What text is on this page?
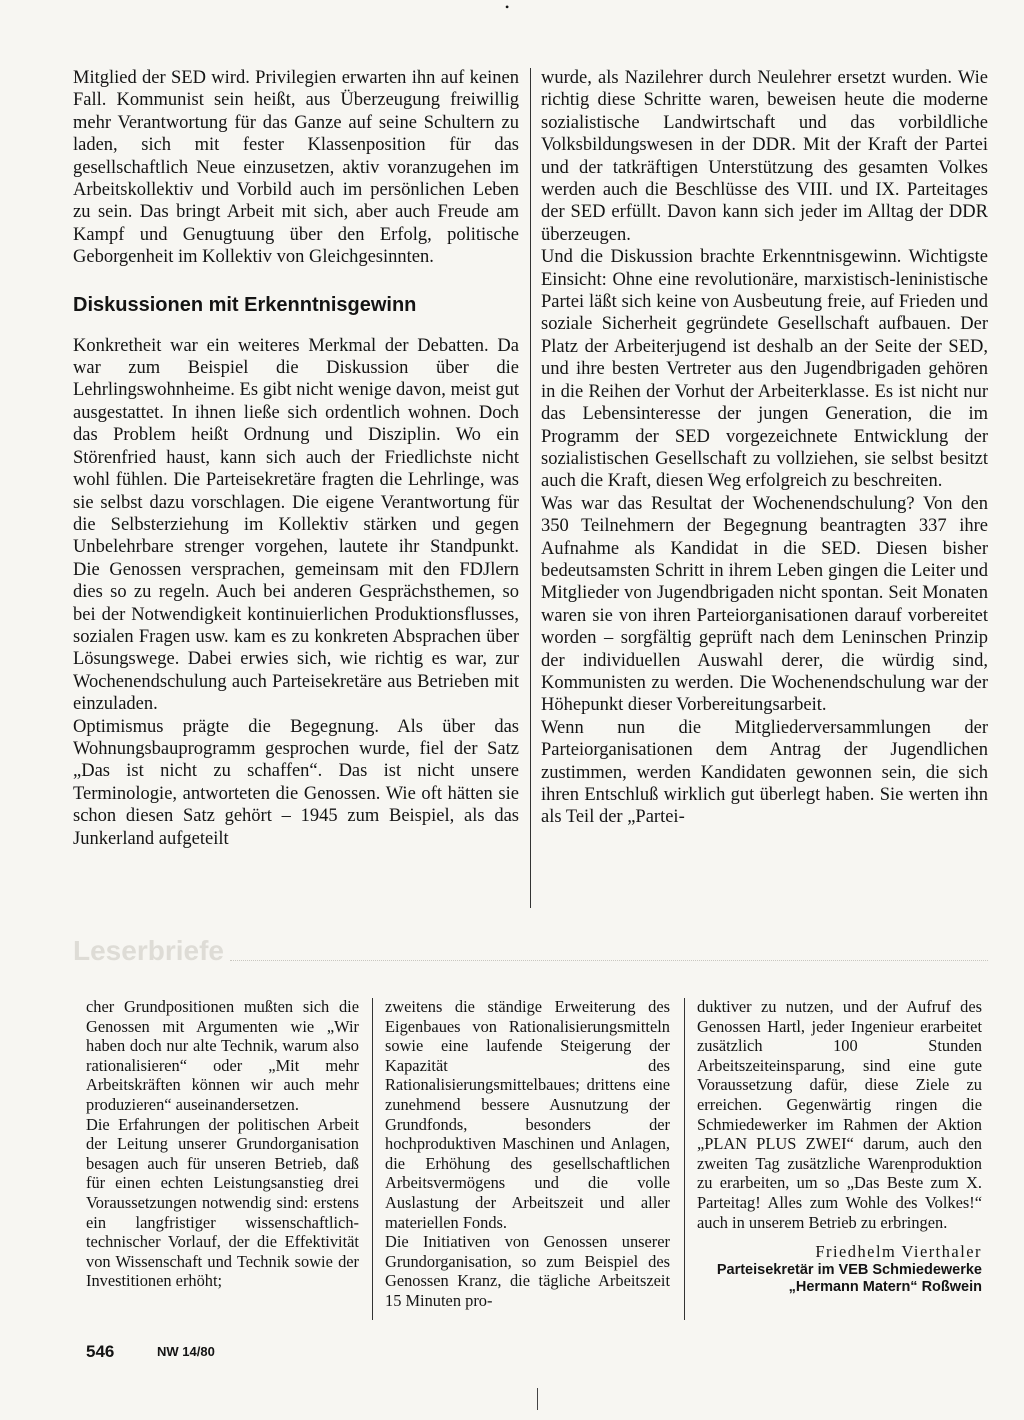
•

Mitglied der SED wird. Privilegien erwarten ihn auf keinen Fall. Kommunist sein heißt, aus Überzeugung freiwillig mehr Verantwortung für das Ganze auf seine Schultern zu laden, sich mit fester Klassenposition für das gesellschaftlich Neue einzusetzen, aktiv voranzugehen im Arbeitskollektiv und Vorbild auch im persönlichen Leben zu sein. Das bringt Arbeit mit sich, aber auch Freude am Kampf und Genugtuung über den Erfolg, politische Geborgenheit im Kollektiv von Gleichgesinnten.

Diskussionen mit Erkenntnisgewinn

Konkretheit war ein weiteres Merkmal der Debatten. Da war zum Beispiel die Diskussion über die Lehrlingswohnheime. Es gibt nicht wenige davon, meist gut ausgestattet. In ihnen ließe sich ordentlich wohnen. Doch das Problem heißt Ordnung und Disziplin. Wo ein Störenfried haust, kann sich auch der Friedlichste nicht wohl fühlen. Die Parteisekretäre fragten die Lehrlinge, was sie selbst dazu vorschlagen. Die eigene Verantwortung für die Selbsterziehung im Kollektiv stärken und gegen Unbelehrbare strenger vorgehen, lautete ihr Standpunkt. Die Genossen versprachen, gemeinsam mit den FDJlern dies so zu regeln. Auch bei anderen Gesprächsthemen, so bei der Notwendigkeit kontinuierlichen Produktionsflusses, sozialen Fragen usw. kam es zu konkreten Absprachen über Lösungswege. Dabei erwies sich, wie richtig es war, zur Wochenendschulung auch Parteisekretäre aus Betrieben mit einzuladen.

Optimismus prägte die Begegnung. Als über das Wohnungsbauprogramm gesprochen wurde, fiel der Satz „Das ist nicht zu schaffen“. Das ist nicht unsere Terminologie, antworteten die Genossen. Wie oft hätten sie schon diesen Satz gehört – 1945 zum Beispiel, als das Junkerland aufgeteilt

wurde, als Nazilehrer durch Neulehrer ersetzt wurden. Wie richtig diese Schritte waren, beweisen heute die moderne sozialistische Landwirtschaft und das vorbildliche Volksbildungswesen in der DDR. Mit der Kraft der Partei und der tatkräftigen Unterstützung des gesamten Volkes werden auch die Beschlüsse des VIII. und IX. Parteitages der SED erfüllt. Davon kann sich jeder im Alltag der DDR überzeugen.

Und die Diskussion brachte Erkenntnisgewinn. Wichtigste Einsicht: Ohne eine revolutionäre, marxistisch-leninistische Partei läßt sich keine von Ausbeutung freie, auf Frieden und soziale Sicherheit gegründete Gesellschaft aufbauen. Der Platz der Arbeiterjugend ist deshalb an der Seite der SED, und ihre besten Vertreter aus den Jugendbrigaden gehören in die Reihen der Vorhut der Arbeiterklasse. Es ist nicht nur das Lebensinteresse der jungen Generation, die im Programm der SED vorgezeichnete Entwicklung der sozialistischen Gesellschaft zu vollziehen, sie selbst besitzt auch die Kraft, diesen Weg erfolgreich zu beschreiten.

Was war das Resultat der Wochenendschulung? Von den 350 Teilnehmern der Begegnung beantragten 337 ihre Aufnahme als Kandidat in die SED. Diesen bisher bedeutsamsten Schritt in ihrem Leben gingen die Leiter und Mitglieder von Jugendbrigaden nicht spontan. Seit Monaten waren sie von ihren Parteiorganisationen darauf vorbereitet worden – sorgfältig geprüft nach dem Leninschen Prinzip der individuellen Auswahl derer, die würdig sind, Kommunisten zu werden. Die Wochenendschulung war der Höhepunkt dieser Vorbereitungsarbeit.

Wenn nun die Mitgliederversammlungen der Parteiorganisationen dem Antrag der Jugendlichen zustimmen, werden Kandidaten gewonnen sein, die sich ihren Entschluß wirklich gut überlegt haben. Sie werten ihn als Teil der „Partei-

Leserbriefe

cher Grundpositionen mußten sich die Genossen mit Argumenten wie „Wir haben doch nur alte Technik, warum also rationalisieren“ oder „Mit mehr Arbeitskräften können wir auch mehr produzieren“ auseinandersetzen.

Die Erfahrungen der politischen Arbeit der Leitung unserer Grundorganisation besagen auch für unseren Betrieb, daß für einen echten Leistungsanstieg drei Voraussetzungen notwendig sind: erstens ein langfristiger wissenschaftlich-technischer Vorlauf, der die Effektivität von Wissenschaft und Technik sowie der Investitionen erhöht;

zweitens die ständige Erweiterung des Eigenbaues von Rationalisierungsmitteln sowie eine laufende Steigerung der Kapazität des Rationalisierungsmittelbaues; drittens eine zunehmend bessere Ausnutzung der Grundfonds, besonders der hochproduktiven Maschinen und Anlagen, die Erhöhung des gesellschaftlichen Arbeitsvermögens und die volle Auslastung der Arbeitszeit und aller materiellen Fonds.

Die Initiativen von Genossen unserer Grundorganisation, so zum Beispiel des Genossen Kranz, die tägliche Arbeitszeit 15 Minuten pro-

duktiver zu nutzen, und der Aufruf des Genossen Hartl, jeder Ingenieur erarbeitet zusätzlich 100 Stunden Arbeitszeiteinsparung, sind eine gute Voraussetzung dafür, diese Ziele zu erreichen. Gegenwärtig ringen die Schmiedewerker im Rahmen der Aktion „PLAN PLUS ZWEI“ darum, auch den zweiten Tag zusätzliche Warenproduktion zu erarbeiten, um so „Das Beste zum X. Parteitag! Alles zum Wohle des Volkes!“ auch in unserem Betrieb zu erbringen.

Friedhelm Vierthaler

Parteisekretär im VEB Schmiedewerke

„Hermann Matern“ Roßwein

546	NW 14/80
